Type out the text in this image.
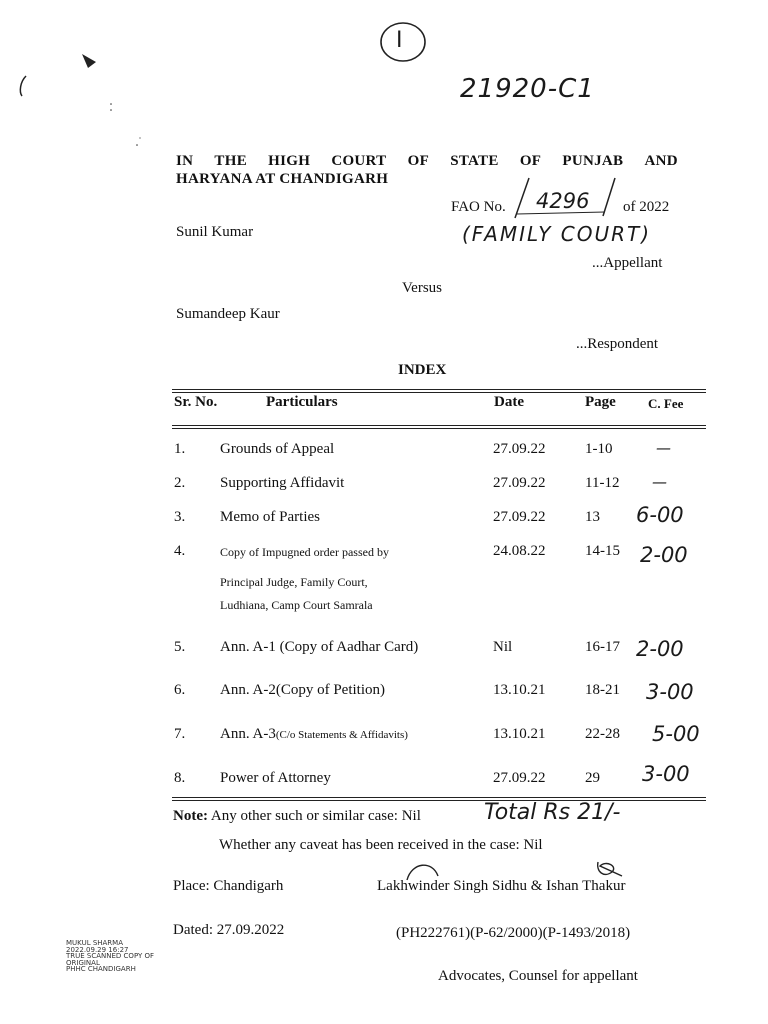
I
21920-C1
IN THE HIGH COURT OF STATE OF PUNJAB AND
HARYANA AT CHANDIGARH
FAO No. 4296 of 2022
(FAMILY COURT)
Sunil Kumar
...Appellant
Versus
Sumandeep Kaur
...Respondent
INDEX
Sr. No.	Particulars	Date	Page C. Fee
1. Grounds of Appeal	27.09.22	1-10	—
2. Supporting Affidavit	27.09.22	11-12 —
3. Memo of Parties	27.09.22	13 6-00
4.	Copy of Impugned order passed by
Principal Judge, Family Court,
Ludhiana, Camp Court Samrala
24.08.22	14-15 2-00
5. Ann. A-1 (Copy of Aadhar Card)	Nil	16-17 2-00
6. Ann. A-2(Copy of Petition)	13.10.21	18-21 3-00
7. Ann. A-3(C/o Statements & Affidavits)	13.10.21	22-28 5-00
8. Power of Attorney	27.09.22	29 3-00
Note: Any other such or similar case: Nil	Total Rs 21/-
Whether any caveat has been received in the case: Nil
Place: Chandigarh	Lakhwinder Singh Sidhu & Ishan Thakur
Dated: 27.09.2022	(PH222761)(P-62/2000)(P-1493/2018)
Advocates, Counsel for appellant
MUKUL SHARMA
2022.09.29 16:27
TRUE SCANNED COPY OF
ORIGINAL
PHHC CHANDIGARH
